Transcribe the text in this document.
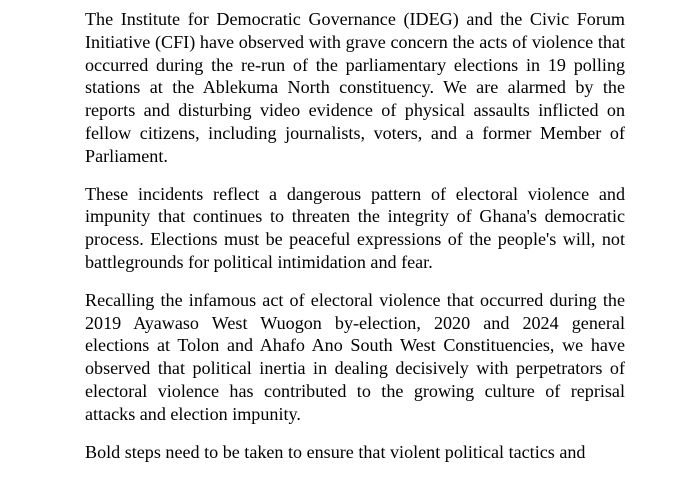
The Institute for Democratic Governance (IDEG) and the Civic Forum Initiative (CFI) have observed with grave concern the acts of violence that occurred during the re-run of the parliamentary elections in 19 polling stations at the Ablekuma North constituency. We are alarmed by the reports and disturbing video evidence of physical assaults inflicted on fellow citizens, including journalists, voters, and a former Member of Parliament.

These incidents reflect a dangerous pattern of electoral violence and impunity that continues to threaten the integrity of Ghana's democratic process. Elections must be peaceful expressions of the people's will, not battlegrounds for political intimidation and fear.

Recalling the infamous act of electoral violence that occurred during the 2019 Ayawaso West Wuogon by-election, 2020 and 2024 general elections at Tolon and Ahafo Ano South West Constituencies, we have observed that political inertia in dealing decisively with perpetrators of electoral violence has contributed to the growing culture of reprisal attacks and election impunity.

Bold steps need to be taken to ensure that violent political tactics and
